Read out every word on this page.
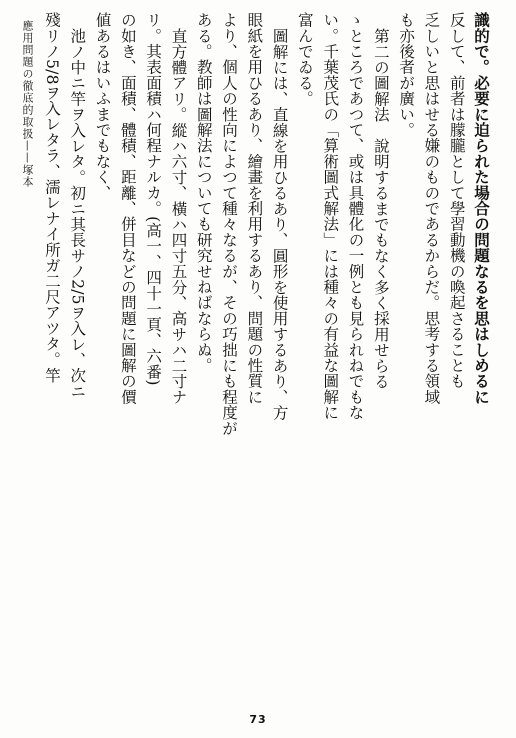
應用問題の徹底的取扱——塚本	識的で。必要に迫られた場合の問題なるを思はしめるに
反して、前者は朦朧として學習動機の喚起さることも
乏しいと思はせる嫌のものであるからだ。思考する領域
も亦後者が廣い。
第二の圖解法　說明するまでもなく多く採用せらる
ゝところであつて、或は具體化の一例とも見られねでもな
い。千葉茂氏の「算術圖式解法」には種々の有益な圖解に
富んでゐる。
圖解には、直線を用ひるあり、圓形を使用するあり、方
眼紙を用ひるあり、繪畫を利用するあり、問題の性質に
より、個人の性向によつて種々なるが、その巧拙にも程度が
ある。教師は圖解法についても研究せねばならぬ。
直方體アリ。縱ハ六寸、橫ハ四寸五分、高サハ二寸ナ
リ。其表面積ハ何程ナルカ。(高一、四十一頁、六番)
の如き、面積、體積、距離、併目などの問題に圖解の價
値あるはいふまでもなく、
池ノ中ニ竿ヲ入レタ。初ニ其長サノ2/5ヲ入レ、次ニ
殘リノ5/8ヲ入レタラ、濡レナイ所ガ二尺アツタ。竿
73
